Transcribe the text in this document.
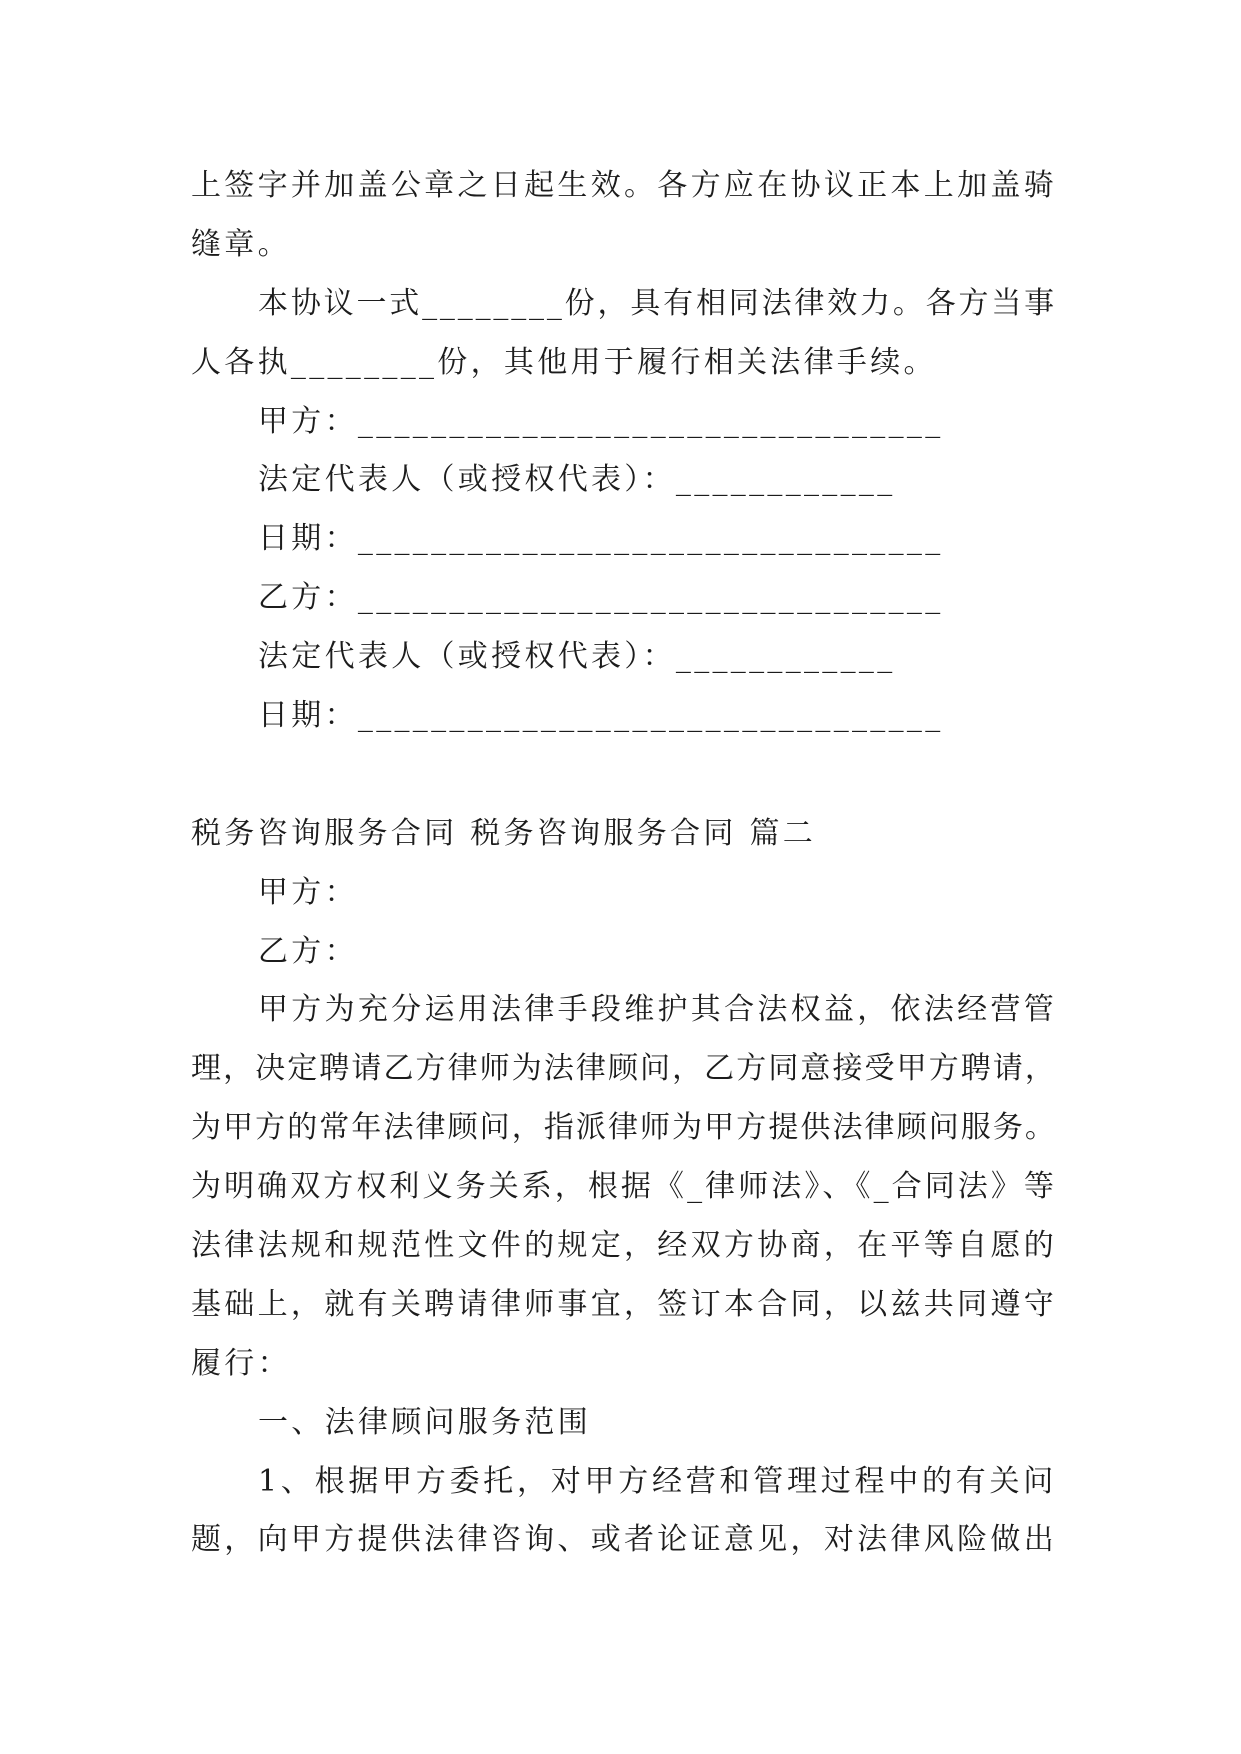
上签字并加盖公章之日起生效。各方应在协议正本上加盖骑
缝章。
本协议一式________份，具有相同法律效力。各方当事
人各执________份，其他用于履行相关法律手续。
甲方：________________________________
法定代表人（或授权代表）：____________
日期：________________________________
乙方：________________________________
法定代表人（或授权代表）：____________
日期：________________________________
税务咨询服务合同 税务咨询服务合同 篇二
甲方：
乙方：
甲方为充分运用法律手段维护其合法权益，依法经营管
理，决定聘请乙方律师为法律顾问，乙方同意接受甲方聘请，
为甲方的常年法律顾问，指派律师为甲方提供法律顾问服务。
为明确双方权利义务关系，根据《_律师法》、《_合同法》等
法律法规和规范性文件的规定，经双方协商，在平等自愿的
基础上，就有关聘请律师事宜，签订本合同，以兹共同遵守
履行：
一、法律顾问服务范围
1、根据甲方委托，对甲方经营和管理过程中的有关问
题，向甲方提供法律咨询、或者论证意见，对法律风险做出
